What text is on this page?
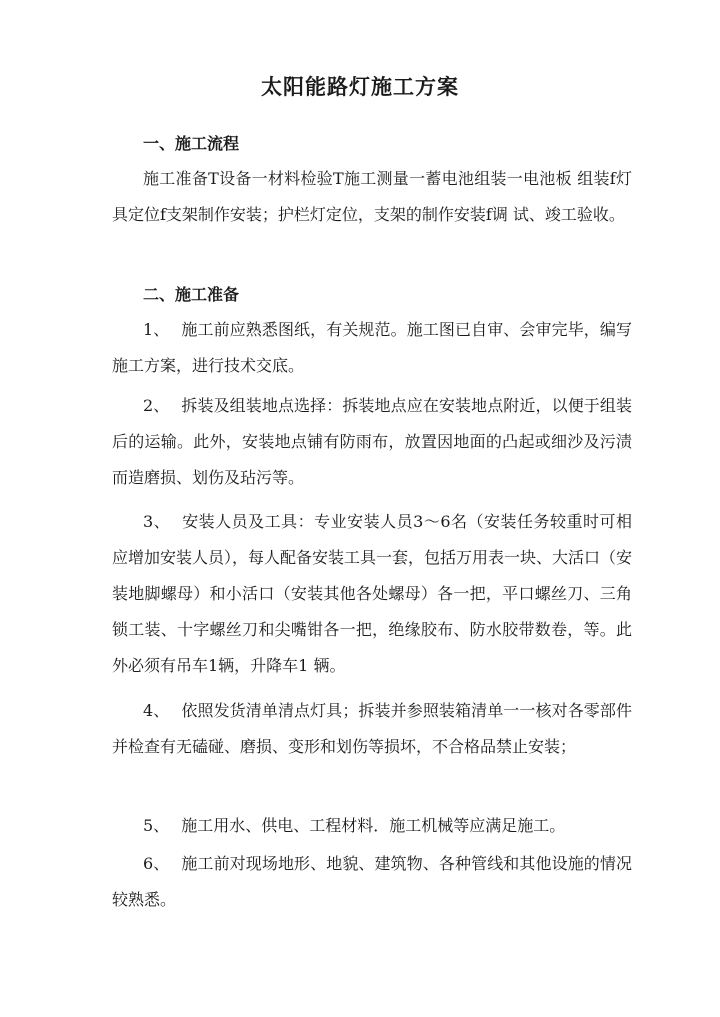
太阳能路灯施工方案
一、施工流程
施工准备T设备一材料检验T施工测量一蓄电池组装一电池板 组装f灯具定位f支架制作安装；护栏灯定位，支架的制作安装f调 试、竣工验收。
二、施工准备
1、 施工前应熟悉图纸，有关规范。施工图已自审、会审完毕，编写施工方案，进行技术交底。
2、 拆装及组装地点选择：拆装地点应在安装地点附近，以便于组装后的运输。此外，安装地点铺有防雨布，放置因地面的凸起或细沙及污渍而造磨损、划伤及玷污等。
3、 安装人员及工具：专业安装人员3〜6名（安装任务较重时可相应增加安装人员），每人配备安装工具一套，包括万用表一块、大活口（安装地脚螺母）和小活口（安装其他各处螺母）各一把，平口螺丝刀、三角锁工装、十字螺丝刀和尖嘴钳各一把，绝缘胶布、防水胶带数卷，等。此外必须有吊车1辆，升降车1 辆。
4、 依照发货清单清点灯具；拆装并参照装箱清单一一核对各零部件并检查有无磕碰、磨损、变形和划伤等损坏，不合格品禁止安装；
5、 施工用水、供电、工程材料．施工机械等应满足施工。
6、 施工前对现场地形、地貌、建筑物、各种管线和其他设施的情况较熟悉。
